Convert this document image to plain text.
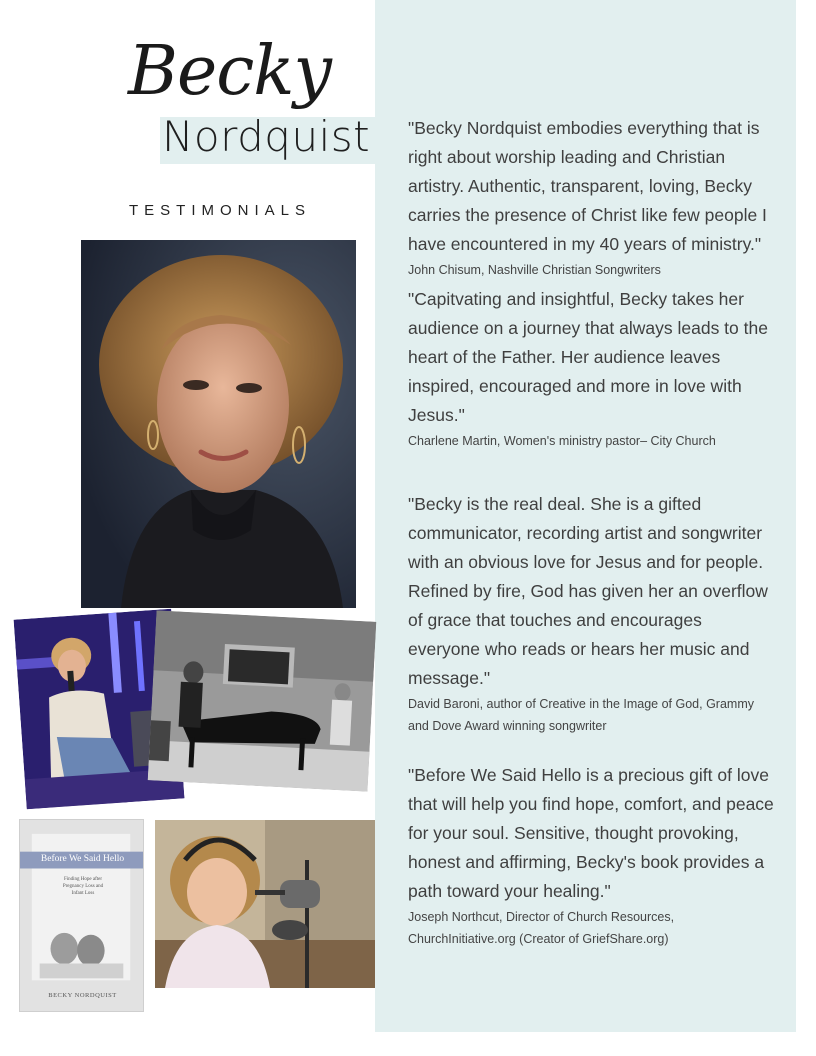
Becky
Nordquist
TESTIMONIALS
Before We Said Hello
Finding Hope after Pregnancy Loss and Infant Loss
BECKY NORDQUIST

"Becky Nordquist embodies everything that is right about worship leading and Christian artistry. Authentic, transparent, loving, Becky carries the presence of Christ like few people I have encountered in my 40 years of ministry."

John Chisum, Nashville Christian Songwriters

"Capitvating and insightful, Becky takes her audience on a journey that always leads to the heart of the Father. Her audience leaves inspired, encouraged and more in love with Jesus."

Charlene Martin, Women's ministry pastor– City Church

"Becky is the real deal. She is a gifted communicator, recording artist and songwriter with an obvious love for Jesus and for people. Refined by fire, God has given her an overflow of grace that touches and encourages everyone who reads or hears her music and message."

David Baroni, author of Creative in the Image of God, Grammy and Dove Award winning songwriter

"Before We Said Hello is a precious gift of love that will help you find hope, comfort, and peace for your soul. Sensitive, thought provoking, honest and affirming, Becky's book provides a path toward your healing."

Joseph Northcut, Director of Church Resources, ChurchInitiative.org (Creator of GriefShare.org)
